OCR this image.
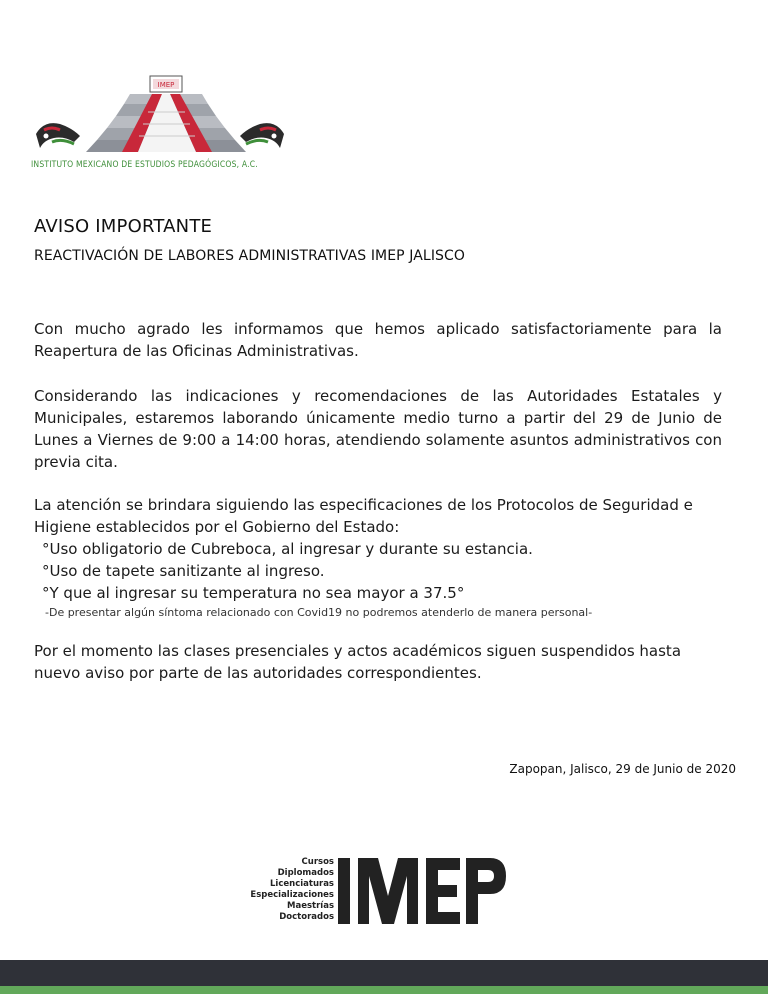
IMEP
INSTITUTO MEXICANO DE ESTUDIOS PEDAGÓGICOS, A.C.
AVISO IMPORTANTE
REACTIVACIÓN DE LABORES ADMINISTRATIVAS IMEP JALISCO
Con mucho agrado les informamos que hemos aplicado satisfactoriamente para la Reapertura de las Oficinas Administrativas.
Considerando las indicaciones y recomendaciones de las Autoridades Estatales y Municipales, estaremos laborando únicamente medio turno a partir del 29 de Junio de Lunes a Viernes de 9:00 a 14:00 horas, atendiendo solamente asuntos administrativos con previa cita.
La atención se brindara siguiendo las especificaciones de los Protocolos de Seguridad e Higiene establecidos por el Gobierno del Estado:
°Uso obligatorio de Cubreboca, al ingresar y durante su estancia.
°Uso de tapete sanitizante al ingreso.
°Y que al ingresar su temperatura no sea mayor a 37.5°
-De presentar algún síntoma relacionado con Covid19 no podremos atenderlo de manera personal-
Por el momento las clases presenciales y actos académicos siguen suspendidos hasta nuevo aviso por parte de las autoridades correspondientes.
Zapopan, Jalisco, 29 de Junio de 2020
Cursos
Diplomados
Licenciaturas
Especializaciones
Maestrías
Doctorados
